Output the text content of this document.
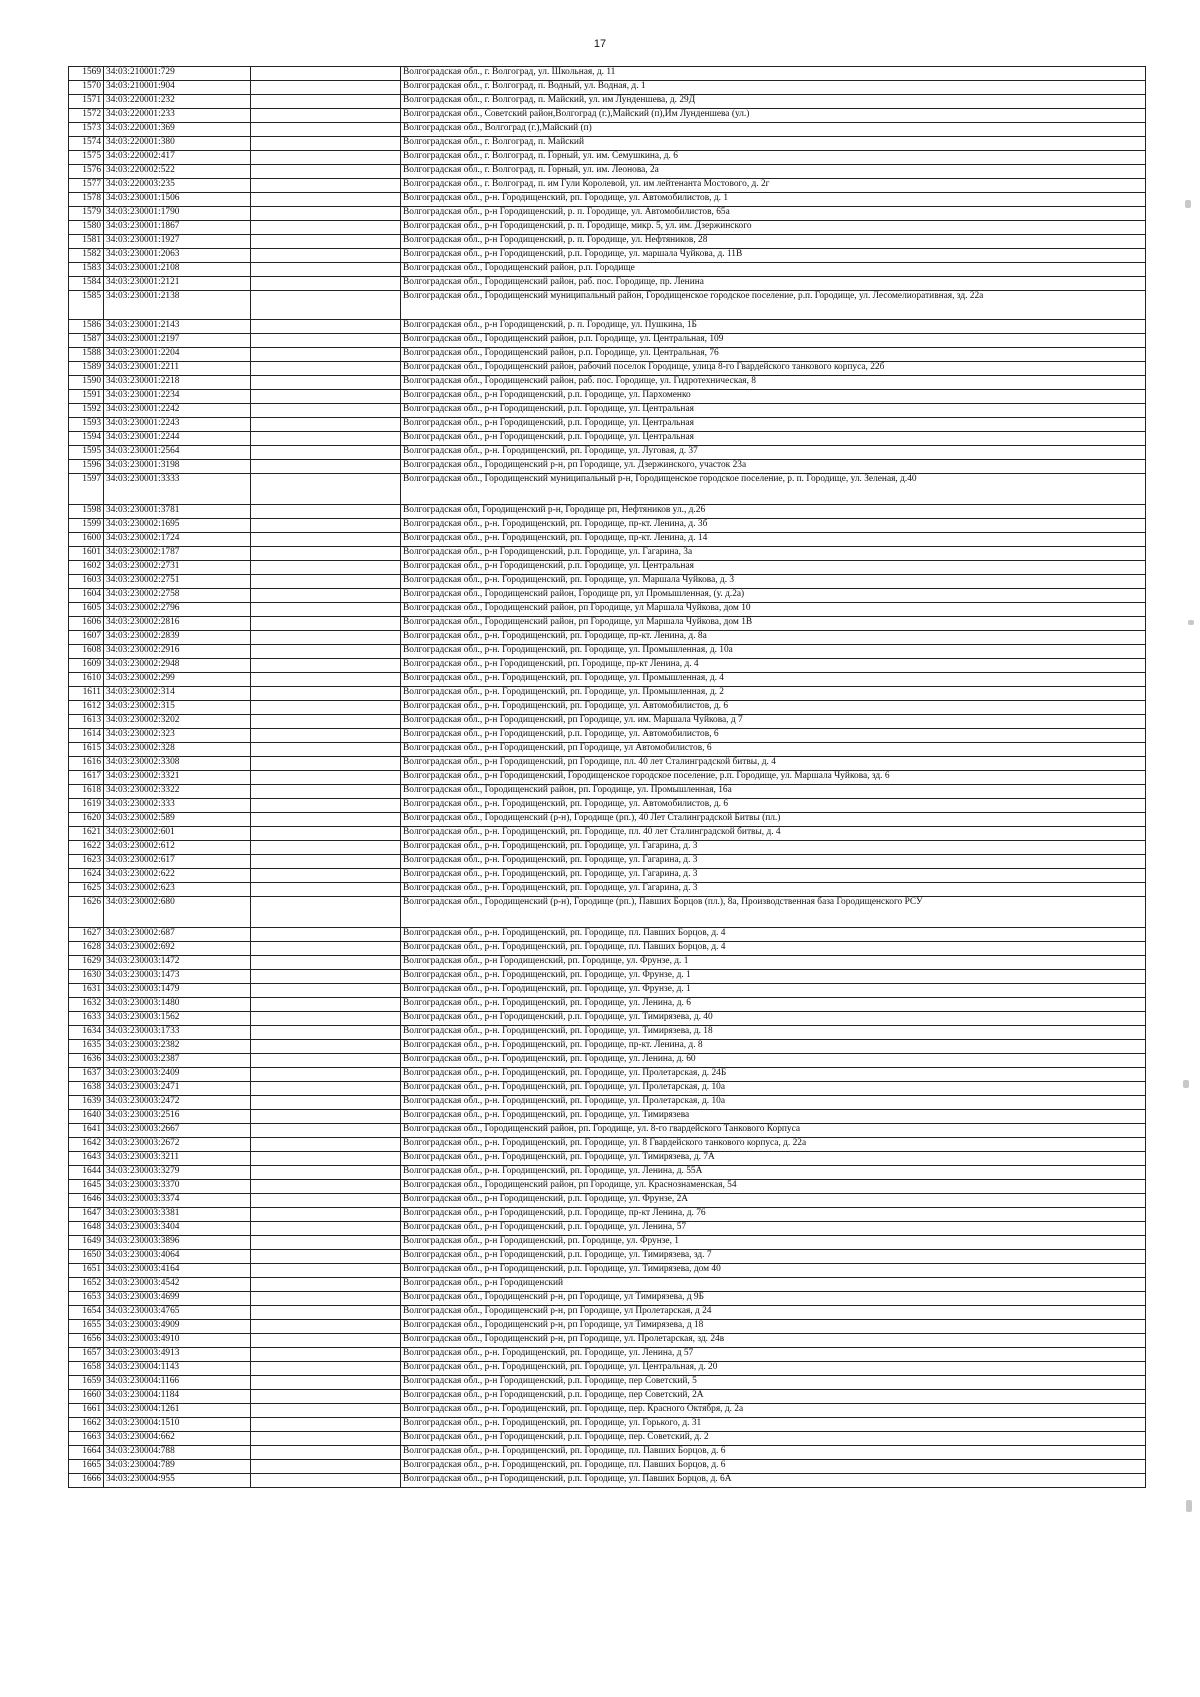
17
1569	34:03:210001:729		Волгоградская обл., г. Волгоград, ул. Школьная, д. 11
1570	34:03:210001:904		Волгоградская обл., г. Волгоград, п. Водный, ул. Водная, д. 1
1571	34:03:220001:232		Волгоградская обл., г. Волгоград, п. Майский, ул. им Лунденшева, д. 29Д
1572	34:03:220001:233		Волгоградская обл., Советский район,Волгоград (г.),Майский (п),Им Лунденшева (ул.)
1573	34:03:220001:369		Волгоградская обл., Волгоград (г.),Майский (п)
1574	34:03:220001:380		Волгоградская обл., г. Волгоград, п. Майский
1575	34:03:220002:417		Волгоградская обл., г. Волгоград, п. Горный, ул. им. Семушкина, д. 6
1576	34:03:220002:522		Волгоградская обл., г. Волгоград, п. Горный, ул. им. Леонова, 2а
1577	34:03:220003:235		Волгоградская обл., г. Волгоград, п. им Гули Королевой, ул. им лейтенанта Мостового, д. 2г
1578	34:03:230001:1506		Волгоградская обл., р-н. Городищенский, рп. Городище, ул. Автомобилистов, д. 1
1579	34:03:230001:1790		Волгоградская обл., р-н Городищенский, р. п. Городище, ул. Автомобилистов, 65а
1580	34:03:230001:1867		Волгоградская обл., р-н Городищенский, р. п. Городище, микр. 5, ул. им. Дзержинского
1581	34:03:230001:1927		Волгоградская обл., р-н Городищенский, р. п. Городище, ул. Нефтяников, 28
1582	34:03:230001:2063		Волгоградская обл., р-н Городищенский, р.п. Городище, ул. маршала Чуйкова, д. 11В
1583	34:03:230001:2108		Волгоградская обл., Городищенский район, р.п. Городище
1584	34:03:230001:2121		Волгоградская обл., Городищенский район, раб. пос. Городище, пр. Ленина
1585	34:03:230001:2138		Волгоградская обл., Городищенский муниципальный район, Городищенское городское поселение, р.п. Городище, ул. Лесомелиоративная, зд. 22а
1586	34:03:230001:2143		Волгоградская обл., р-н Городищенский, р. п. Городище, ул. Пушкина, 1Б
1587	34:03:230001:2197		Волгоградская обл., Городищенский район, р.п. Городище, ул. Центральная, 109
1588	34:03:230001:2204		Волгоградская обл., Городищенский район, р.п. Городище, ул. Центральная, 76
1589	34:03:230001:2211		Волгоградская обл., Городищенский район, рабочий поселок Городище, улица 8-го Гвардейского танкового корпуса, 22б
1590	34:03:230001:2218		Волгоградская обл., Городищенский район, раб. пос. Городище, ул. Гидротехническая, 8
1591	34:03:230001:2234		Волгоградская обл., р-н Городищенский, р.п. Городище, ул. Пархоменко
1592	34:03:230001:2242		Волгоградская обл., р-н Городищенский, р.п. Городище, ул. Центральная
1593	34:03:230001:2243		Волгоградская обл., р-н Городищенский, р.п. Городище, ул. Центральная
1594	34:03:230001:2244		Волгоградская обл., р-н Городищенский, р.п. Городище, ул. Центральная
1595	34:03:230001:2564		Волгоградская обл., р-н. Городищенский, рп. Городище, ул. Луговая, д. 37
1596	34:03:230001:3198		Волгоградская обл., Городищенский р-н, рп Городище, ул. Дзержинского, участок 23а
1597	34:03:230001:3333		Волгоградская обл., Городищенский муниципальный р-н, Городищенское городское поселение, р. п. Городище, ул. Зеленая, д.40
1598	34:03:230001:3781		Волгоградская обл, Городищенский р-н, Городище рп, Нефтяников ул., д.26
1599	34:03:230002:1695		Волгоградская обл., р-н. Городищенский, рп. Городище, пр-кт. Ленина, д. 3б
1600	34:03:230002:1724		Волгоградская обл., р-н. Городищенский, рп. Городище, пр-кт. Ленина, д. 14
1601	34:03:230002:1787		Волгоградская обл., р-н Городищенский, р.п. Городище, ул. Гагарина, 3а
1602	34:03:230002:2731		Волгоградская обл., р-н Городищенский, р.п. Городище, ул. Центральная
1603	34:03:230002:2751		Волгоградская обл., р-н. Городищенский, рп. Городище, ул. Маршала Чуйкова, д. 3
1604	34:03:230002:2758		Волгоградская обл., Городищенский район, Городище рп, ул Промышленная, (у. д.2а)
1605	34:03:230002:2796		Волгоградская обл., Городищенский район, рп Городище, ул Маршала Чуйкова, дом 10
1606	34:03:230002:2816		Волгоградская обл., Городищенский район, рп Городище, ул Маршала Чуйкова, дом 1В
1607	34:03:230002:2839		Волгоградская обл., р-н. Городищенский, рп. Городище, пр-кт. Ленина, д. 8а
1608	34:03:230002:2916		Волгоградская обл., р-н. Городищенский, рп. Городище, ул. Промышленная, д. 10а
1609	34:03:230002:2948		Волгоградская обл., р-н Городищенский, рп. Городище, пр-кт Ленина, д. 4
1610	34:03:230002:299		Волгоградская обл., р-н. Городищенский, рп. Городище, ул. Промышленная, д. 4
1611	34:03:230002:314		Волгоградская обл., р-н. Городищенский, рп. Городище, ул. Промышленная, д. 2
1612	34:03:230002:315		Волгоградская обл., р-н. Городищенский, рп. Городище, ул. Автомобилистов, д. 6
1613	34:03:230002:3202		Волгоградская обл., р-н Городищенский, рп Городище, ул. им. Маршала Чуйкова, д 7
1614	34:03:230002:323		Волгоградская обл., р-н Городищенский, р.п. Городище, ул. Автомобилистов, 6
1615	34:03:230002:328		Волгоградская обл., р-н Городищенский, рп Городище, ул Автомобилистов, 6
1616	34:03:230002:3308		Волгоградская обл., р-н Городищенский, рп Городище, пл. 40 лет Сталинградской битвы, д. 4
1617	34:03:230002:3321		Волгоградская обл., р-н Городищенский, Городищенское городское поселение, р.п. Городище, ул. Маршала Чуйкова, зд. 6
1618	34:03:230002:3322		Волгоградская обл., Городищенский район, рп. Городище, ул. Промышленная, 16а
1619	34:03:230002:333		Волгоградская обл., р-н. Городищенский, рп. Городище, ул. Автомобилистов, д. 6
1620	34:03:230002:589		Волгоградская обл., Городищенский (р-н), Городище (рп.), 40 Лет Сталинградской Битвы (пл.)
1621	34:03:230002:601		Волгоградская обл., р-н. Городищенский, рп. Городище, пл. 40 лет Сталинградской битвы, д. 4
1622	34:03:230002:612		Волгоградская обл., р-н. Городищенский, рп. Городище, ул. Гагарина, д. 3
1623	34:03:230002:617		Волгоградская обл., р-н. Городищенский, рп. Городище, ул. Гагарина, д. 3
1624	34:03:230002:622		Волгоградская обл., р-н. Городищенский, рп. Городище, ул. Гагарина, д. 3
1625	34:03:230002:623		Волгоградская обл., р-н. Городищенский, рп. Городище, ул. Гагарина, д. 3
1626	34:03:230002:680		Волгоградская обл., Городищенский (р-н), Городище (рп.), Павших Борцов (пл.), 8а, Производственная база Городищенского РСУ
1627	34:03:230002:687		Волгоградская обл., р-н. Городищенский, рп. Городище, пл. Павших Борцов, д. 4
1628	34:03:230002:692		Волгоградская обл., р-н. Городищенский, рп. Городище, пл. Павших Борцов, д. 4
1629	34:03:230003:1472		Волгоградская обл., р-н Городищенский, рп. Городище, ул. Фрунзе, д. 1
1630	34:03:230003:1473		Волгоградская обл., р-н. Городищенский, рп. Городище, ул. Фрунзе, д. 1
1631	34:03:230003:1479		Волгоградская обл., р-н. Городищенский, рп. Городище, ул. Фрунзе, д. 1
1632	34:03:230003:1480		Волгоградская обл., р-н. Городищенский, рп. Городище, ул. Ленина, д. 6
1633	34:03:230003:1562		Волгоградская обл., р-н Городищенский, р.п. Городище, ул. Тимирязева, д. 40
1634	34:03:230003:1733		Волгоградская обл., р-н. Городищенский, рп. Городище, ул. Тимирязева, д. 18
1635	34:03:230003:2382		Волгоградская обл., р-н. Городищенский, рп. Городище, пр-кт. Ленина, д. 8
1636	34:03:230003:2387		Волгоградская обл., р-н. Городищенский, рп. Городище, ул. Ленина, д. 60
1637	34:03:230003:2409		Волгоградская обл., р-н. Городищенский, рп. Городище, ул. Пролетарская, д. 24Б
1638	34:03:230003:2471		Волгоградская обл., р-н. Городищенский, рп. Городище, ул. Пролетарская, д. 10а
1639	34:03:230003:2472		Волгоградская обл., р-н. Городищенский, рп. Городище, ул. Пролетарская, д. 10а
1640	34:03:230003:2516		Волгоградская обл., р-н. Городищенский, рп. Городище, ул. Тимирязева
1641	34:03:230003:2667		Волгоградская обл., Городищенский район, рп. Городище, ул. 8-го гвардейского Танкового Корпуса
1642	34:03:230003:2672		Волгоградская обл., р-н. Городищенский, рп. Городище, ул. 8 Гвардейского танкового корпуса, д. 22а
1643	34:03:230003:3211		Волгоградская обл., р-н. Городищенский, рп. Городище, ул. Тимирязева, д. 7А
1644	34:03:230003:3279		Волгоградская обл., р-н. Городищенский, рп. Городище, ул. Ленина, д. 55А
1645	34:03:230003:3370		Волгоградская обл., Городищенский район, рп Городище, ул. Краснознаменская, 54
1646	34:03:230003:3374		Волгоградская обл., р-н Городищенский, р.п. Городище, ул. Фрунзе, 2А
1647	34:03:230003:3381		Волгоградская обл., р-н Городищенский, р.п. Городище, пр-кт Ленина, д. 76
1648	34:03:230003:3404		Волгоградская обл., р-н Городищенский, р.п. Городище, ул. Ленина, 57
1649	34:03:230003:3896		Волгоградская обл., р-н Городищенский, рп. Городище, ул. Фрунзе, 1
1650	34:03:230003:4064		Волгоградская обл., р-н Городищенский, р.п. Городище, ул. Тимирязева, зд. 7
1651	34:03:230003:4164		Волгоградская обл., р-н Городищенский, р.п. Городище, ул. Тимирязева, дом 40
1652	34:03:230003:4542		Волгоградская обл., р-н Городищенский
1653	34:03:230003:4699		Волгоградская обл., Городищенский р-н, рп Городище, ул Тимирязева, д 9Б
1654	34:03:230003:4765		Волгоградская обл., Городищенский р-н, рп Городище, ул Пролетарская, д 24
1655	34:03:230003:4909		Волгоградская обл., Городищенский р-н, рп Городище, ул Тимирязева, д 18
1656	34:03:230003:4910		Волгоградская обл., Городищенский р-н, рп Городище, ул. Пролетарская, зд. 24в
1657	34:03:230003:4913		Волгоградская обл., р-н. Городищенский, рп. Городище, ул. Ленина, д 57
1658	34:03:230004:1143		Волгоградская обл., р-н. Городищенский, рп. Городище, ул. Центральная, д. 20
1659	34:03:230004:1166		Волгоградская обл., р-н Городищенский, р.п. Городище, пер Советский, 5
1660	34:03:230004:1184		Волгоградская обл., р-н Городищенский, р.п. Городище, пер Советский, 2А
1661	34:03:230004:1261		Волгоградская обл., р-н. Городищенский, рп. Городище, пер. Красного Октября, д. 2а
1662	34:03:230004:1510		Волгоградская обл., р-н. Городищенский, рп. Городище, ул. Горького, д. 31
1663	34:03:230004:662		Волгоградская обл., р-н Городищенский, р.п. Городище, пер. Советский, д. 2
1664	34:03:230004:788		Волгоградская обл., р-н. Городищенский, рп. Городище, пл. Павших Борцов, д. 6
1665	34:03:230004:789		Волгоградская обл., р-н. Городищенский, рп. Городище, пл. Павших Борцов, д. 6
1666	34:03:230004:955		Волгоградская обл., р-н Городищенский, р.п. Городище, ул. Павших Борцов, д. 6А
